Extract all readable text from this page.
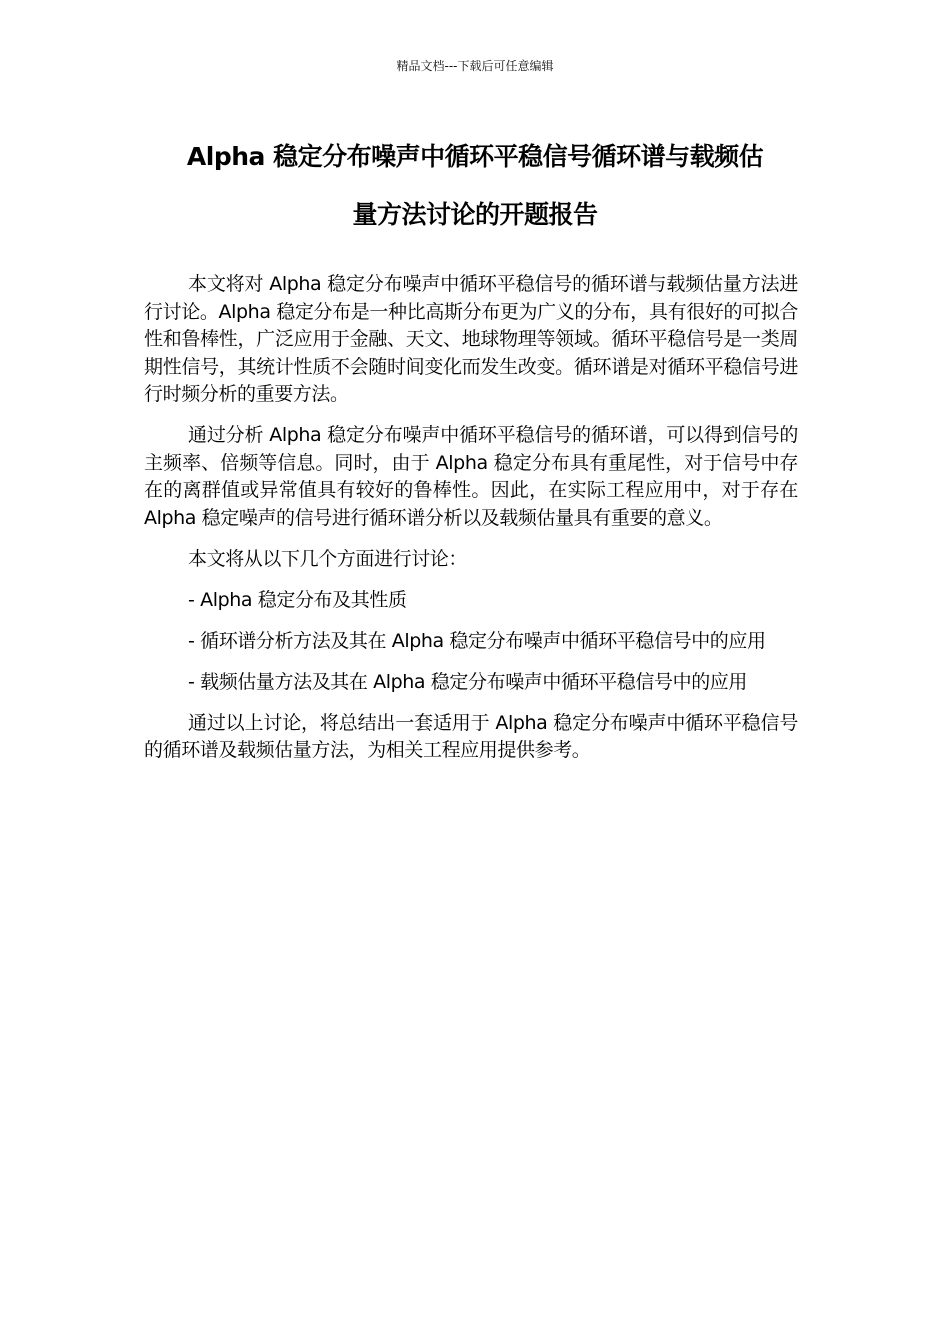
精品文档---下载后可任意编辑
Alpha 稳定分布噪声中循环平稳信号循环谱与载频估
量方法讨论的开题报告

本文将对 Alpha 稳定分布噪声中循环平稳信号的循环谱与载频估量方法进行讨论。Alpha 稳定分布是一种比高斯分布更为广义的分布，具有很好的可拟合性和鲁棒性，广泛应用于金融、天文、地球物理等领域。循环平稳信号是一类周期性信号，其统计性质不会随时间变化而发生改变。循环谱是对循环平稳信号进行时频分析的重要方法。

通过分析 Alpha 稳定分布噪声中循环平稳信号的循环谱，可以得到信号的主频率、倍频等信息。同时，由于 Alpha 稳定分布具有重尾性，对于信号中存在的离群值或异常值具有较好的鲁棒性。因此，在实际工程应用中，对于存在 Alpha 稳定噪声的信号进行循环谱分析以及载频估量具有重要的意义。

本文将从以下几个方面进行讨论：

- Alpha 稳定分布及其性质

- 循环谱分析方法及其在 Alpha 稳定分布噪声中循环平稳信号中的应用

- 载频估量方法及其在 Alpha 稳定分布噪声中循环平稳信号中的应用

通过以上讨论，将总结出一套适用于 Alpha 稳定分布噪声中循环平稳信号的循环谱及载频估量方法，为相关工程应用提供参考。
